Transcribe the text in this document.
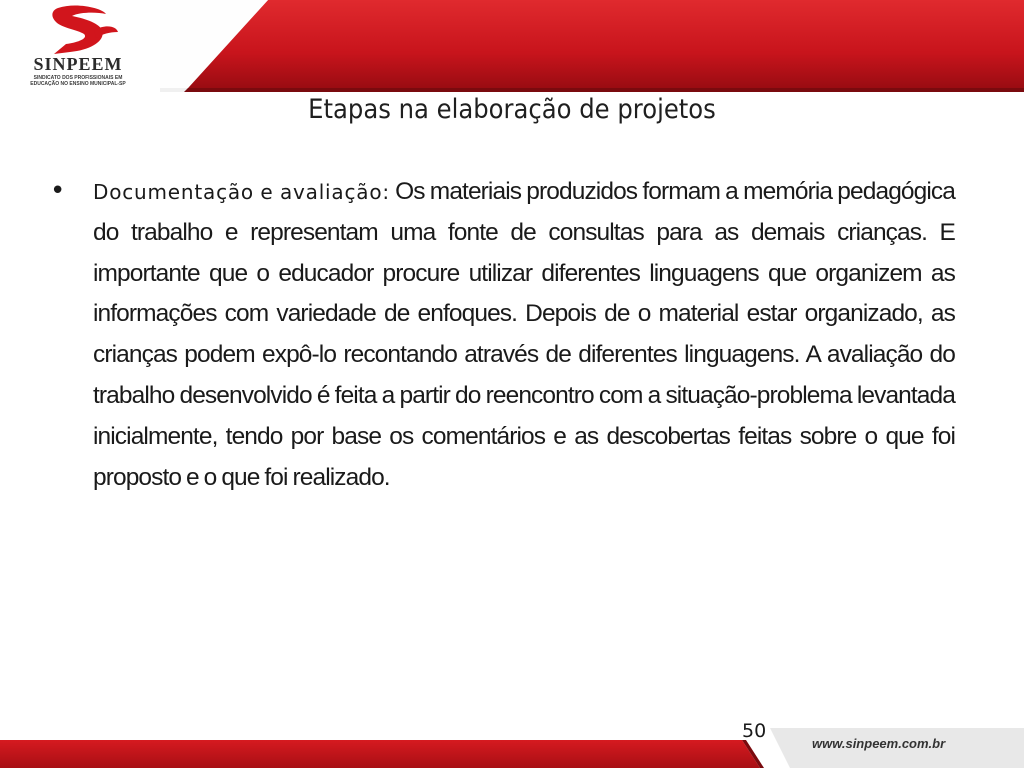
SINPEEM
SINDICATO DOS PROFISSIONAIS EM
EDUCAÇÃO NO ENSINO MUNICIPAL-SP
Etapas na elaboração de projetos
• Documentação e avaliação: Os materiais produzidos formam a memória pedagógica do trabalho e representam uma fonte de consultas para as demais crianças. E importante que o educador procure utilizar diferentes linguagens que organizem as informações com variedade de enfoques. Depois de o material estar organizado, as crianças podem expô-lo recontando através de diferentes linguagens. A avaliação do trabalho desenvolvido é feita a partir do reencontro com a situação-problema levantada inicialmente, tendo por base os comentários e as descobertas feitas sobre o que foi proposto e o que foi realizado.
50
www.sinpeem.com.br
